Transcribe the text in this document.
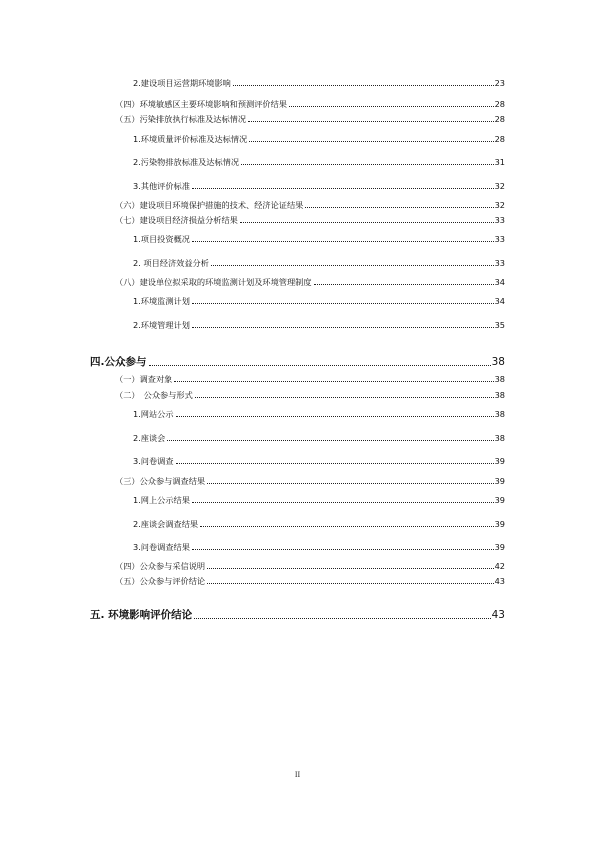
2.建设项目运营期环境影响	23
（四）环境敏感区主要环境影响和预测评价结果	28
（五）污染排放执行标准及达标情况	28
1.环境质量评价标准及达标情况	28
2.污染物排放标准及达标情况	31
3.其他评价标准	32
（六）建设项目环境保护措施的技术、经济论证结果	32
（七）建设项目经济损益分析结果	33
1.项目投资概况	33
2. 项目经济效益分析	33
（八）建设单位拟采取的环境监测计划及环境管理制度	34
1.环境监测计划	34
2.环境管理计划	35
四.公众参与	38
（一）调查对象	38
（二）　公众参与形式	38
1.网站公示	38
2.座谈会	38
3.问卷调查	39
（三）公众参与调查结果	39
1.网上公示结果	39
2.座谈会调查结果	39
3.问卷调查结果	39
（四）公众参与采信说明	42
（五）公众参与评价结论	43
五. 环境影响评价结论	43
II
